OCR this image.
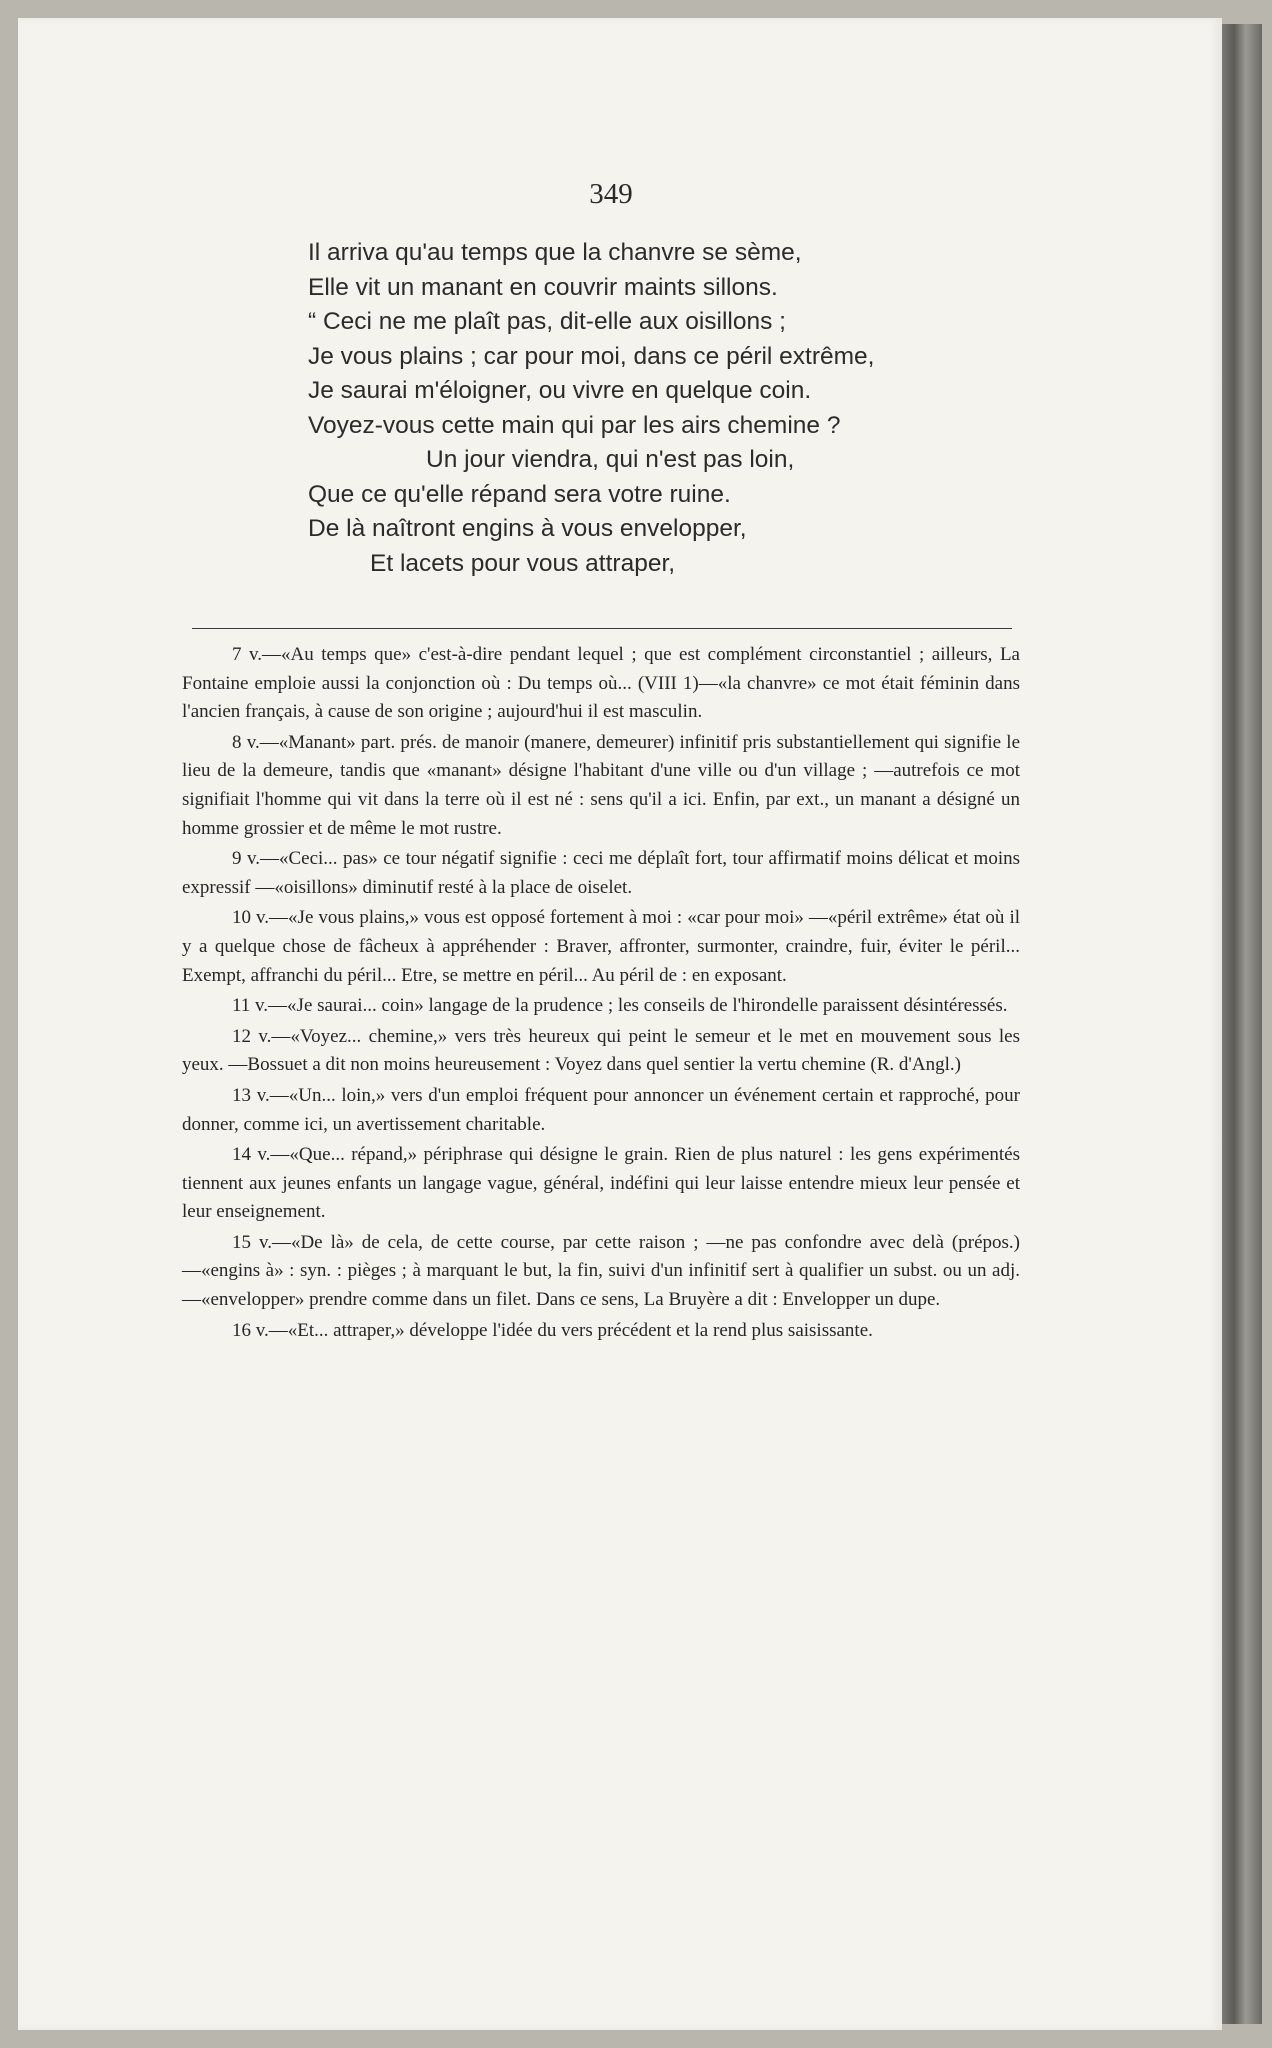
349
Il arriva qu'au temps que la chanvre se sème,
Elle vit un manant en couvrir maints sillons.
“ Ceci ne me plaît pas, dit-elle aux oisillons ;
Je vous plains ; car pour moi, dans ce péril extrême,
Je saurai m'éloigner, ou vivre en quelque coin.
Voyez-vous cette main qui par les airs chemine ?
Un jour viendra, qui n'est pas loin,
Que ce qu'elle répand sera votre ruine.
De là naîtront engins à vous envelopper,
Et lacets pour vous attraper,

7 v.—«Au temps que» c'est-à-dire pendant lequel ; que est complément circonstantiel ; ailleurs, La Fontaine emploie aussi la conjonction où : Du temps où... (VIII 1)—«la chanvre» ce mot était féminin dans l'ancien français, à cause de son origine ; aujourd'hui il est masculin.

8 v.—«Manant» part. prés. de manoir (manere, demeurer) infinitif pris substantiellement qui signifie le lieu de la demeure, tandis que «manant» désigne l'habitant d'une ville ou d'un village ; —autrefois ce mot signifiait l'homme qui vit dans la terre où il est né : sens qu'il a ici. Enfin, par ext., un manant a désigné un homme grossier et de même le mot rustre.

9 v.—«Ceci... pas» ce tour négatif signifie : ceci me déplaît fort, tour affirmatif moins délicat et moins expressif —«oisillons» diminutif resté à la place de oiselet.

10 v.—«Je vous plains,» vous est opposé fortement à moi : «car pour moi» —«péril extrême» état où il y a quelque chose de fâcheux à appréhender : Braver, affronter, surmonter, craindre, fuir, éviter le péril... Exempt, affranchi du péril... Etre, se mettre en péril... Au péril de : en exposant.

11 v.—«Je saurai... coin» langage de la prudence ; les conseils de l'hirondelle paraissent désintéressés.

12 v.—«Voyez... chemine,» vers très heureux qui peint le semeur et le met en mouvement sous les yeux. —Bossuet a dit non moins heureusement : Voyez dans quel sentier la vertu chemine (R. d'Angl.)

13 v.—«Un... loin,» vers d'un emploi fréquent pour annoncer un événement certain et rapproché, pour donner, comme ici, un avertissement charitable.

14 v.—«Que... répand,» périphrase qui désigne le grain. Rien de plus naturel : les gens expérimentés tiennent aux jeunes enfants un langage vague, général, indéfini qui leur laisse entendre mieux leur pensée et leur enseignement.

15 v.—«De là» de cela, de cette course, par cette raison ; —ne pas confondre avec delà (prépos.) —«engins à» : syn. : pièges ; à marquant le but, la fin, suivi d'un infinitif sert à qualifier un subst. ou un adj. —«envelopper» prendre comme dans un filet. Dans ce sens, La Bruyère a dit : Envelopper un dupe.

16 v.—«Et... attraper,» développe l'idée du vers précédent et la rend plus saisissante.
